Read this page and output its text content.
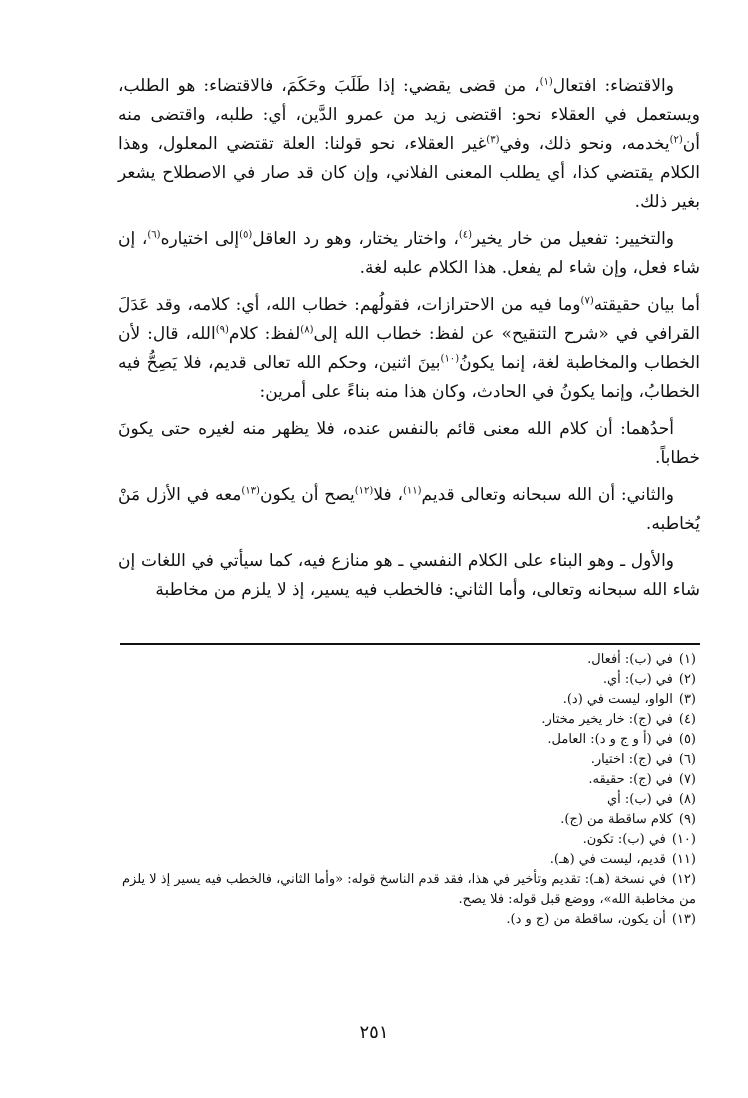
والاقتضاء: افتعال$^{(١)}$، من قضى يقضي: إذا طَلَبَ وحَكَمَ، فالاقتضاء: هو الطلب، ويستعمل في العقلاء نحو: اقتضى زيد من عمرو الدَّين، أي: طلبه، واقتضى منه أن$^{(٢)}$يخدمه، ونحو ذلك، وفي$^{(٣)}$غير العقلاء، نحو قولنا: العلة تقتضي المعلول، وهذا الكلام يقتضي كذا، أي يطلب المعنى الفلاني، وإن كان قد صار في الاصطلاح يشعر بغير ذلك.

والتخيير: تفعيل من خار يخير$^{(٤)}$، واختار يختار، وهو رد العاقل$^{(٥)}$إلى اختياره$^{(٦)}$، إن شاء فعل، وإن شاء لم يفعل. هذا الكلام علبه لغة.

أما بيان حقيقته$^{(٧)}$وما فيه من الاحترازات، فقولُهم: خطاب الله، أي: كلامه، وقد عَدَلَ القرافي في «شرح التنقيح» عن لفظ: خطاب الله إلى$^{(٨)}$لفظ: كلام$^{(٩)}$الله، قال: لأن الخطاب والمخاطبة لغة، إنما يكونُ$^{(١٠)}$بينَ اثنين، وحكم الله تعالى قديم، فلا يَصِحُّ فيه الخطابُ، وإنما يكونُ في الحادث، وكان هذا منه بناءً على أمرين:

أحدُهما: أن كلام الله معنى قائم بالنفس عنده، فلا يظهر منه لغيره حتى يكونَ خطاباً.

والثاني: أن الله سبحانه وتعالى قديم$^{(١١)}$، فلا$^{(١٢)}$يصح أن يكون$^{(١٣)}$معه في الأزل مَنْ يُخاطبه.

والأول ـ وهو البناء على الكلام النفسي ـ هو منازع فيه، كما سيأتي في اللغات إن شاء الله سبحانه وتعالى، وأما الثاني: فالخطب فيه يسير، إذ لا يلزم من مخاطبة

(١)في (ب): أفعال.
(٢)في (ب): أي.
(٣)الواو، ليست في (د).
(٤)في (ج): خار يخير مختار.
(٥)في (أ و ج و د): العامل.
(٦)في (ج): اختيار.
(٧)في (ج): حقيقه.
(٨)في (ب): أي
(٩)كلام ساقطة من (ج).
(١٠)في (ب): تكون.
(١١)قديم، ليست في (هـ).
(١٢)في نسخة (هـ): تقديم وتأخير في هذا، فقد قدم الناسخ قوله: «وأما الثاني، فالخطب فيه يسير إذ لا يلزم من مخاطبة الله»، ووضع قبل قوله: فلا يصح.
(١٣)أن يكون، ساقطة من (ج و د).
٢٥١
